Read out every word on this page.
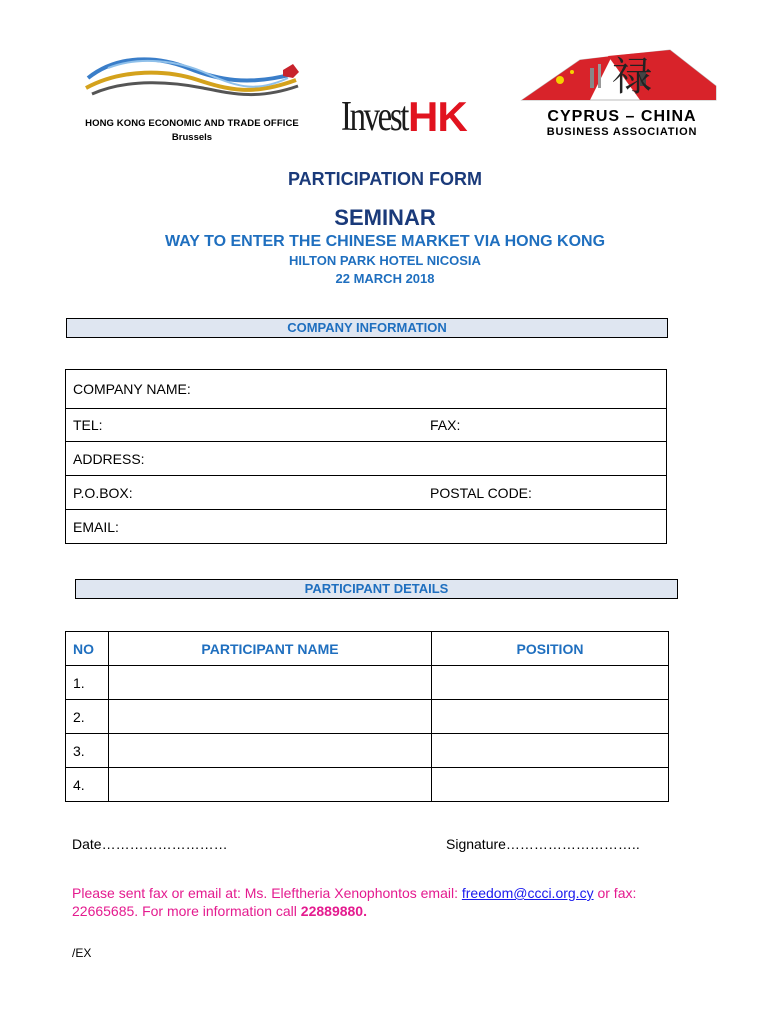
HONG KONG ECONOMIC AND TRADE OFFICE
Brussels	Invest HK
禄
CYPRUS – CHINA
BUSINESS ASSOCIATION
PARTICIPATION FORM
SEMINAR
WAY TO ENTER THE CHINESE MARKET VIA HONG KONG
HILTON PARK HOTEL NICOSIA
22 MARCH 2018
COMPANY INFORMATION
COMPANY NAME:	
TEL:	FAX:
ADDRESS:	
P.O.BOX:	POSTAL CODE:
EMAIL:	
PARTICIPANT DETAILS
NO	PARTICIPANT NAME	POSITION
1.		
2.		
3.		
4.		
Date………………………	Signature………………………..
Please sent fax or email at: Ms. Eleftheria Xenophontos email: freedom@ccci.org.cy or fax: 22665685. For more information call 22889880.
/EX
